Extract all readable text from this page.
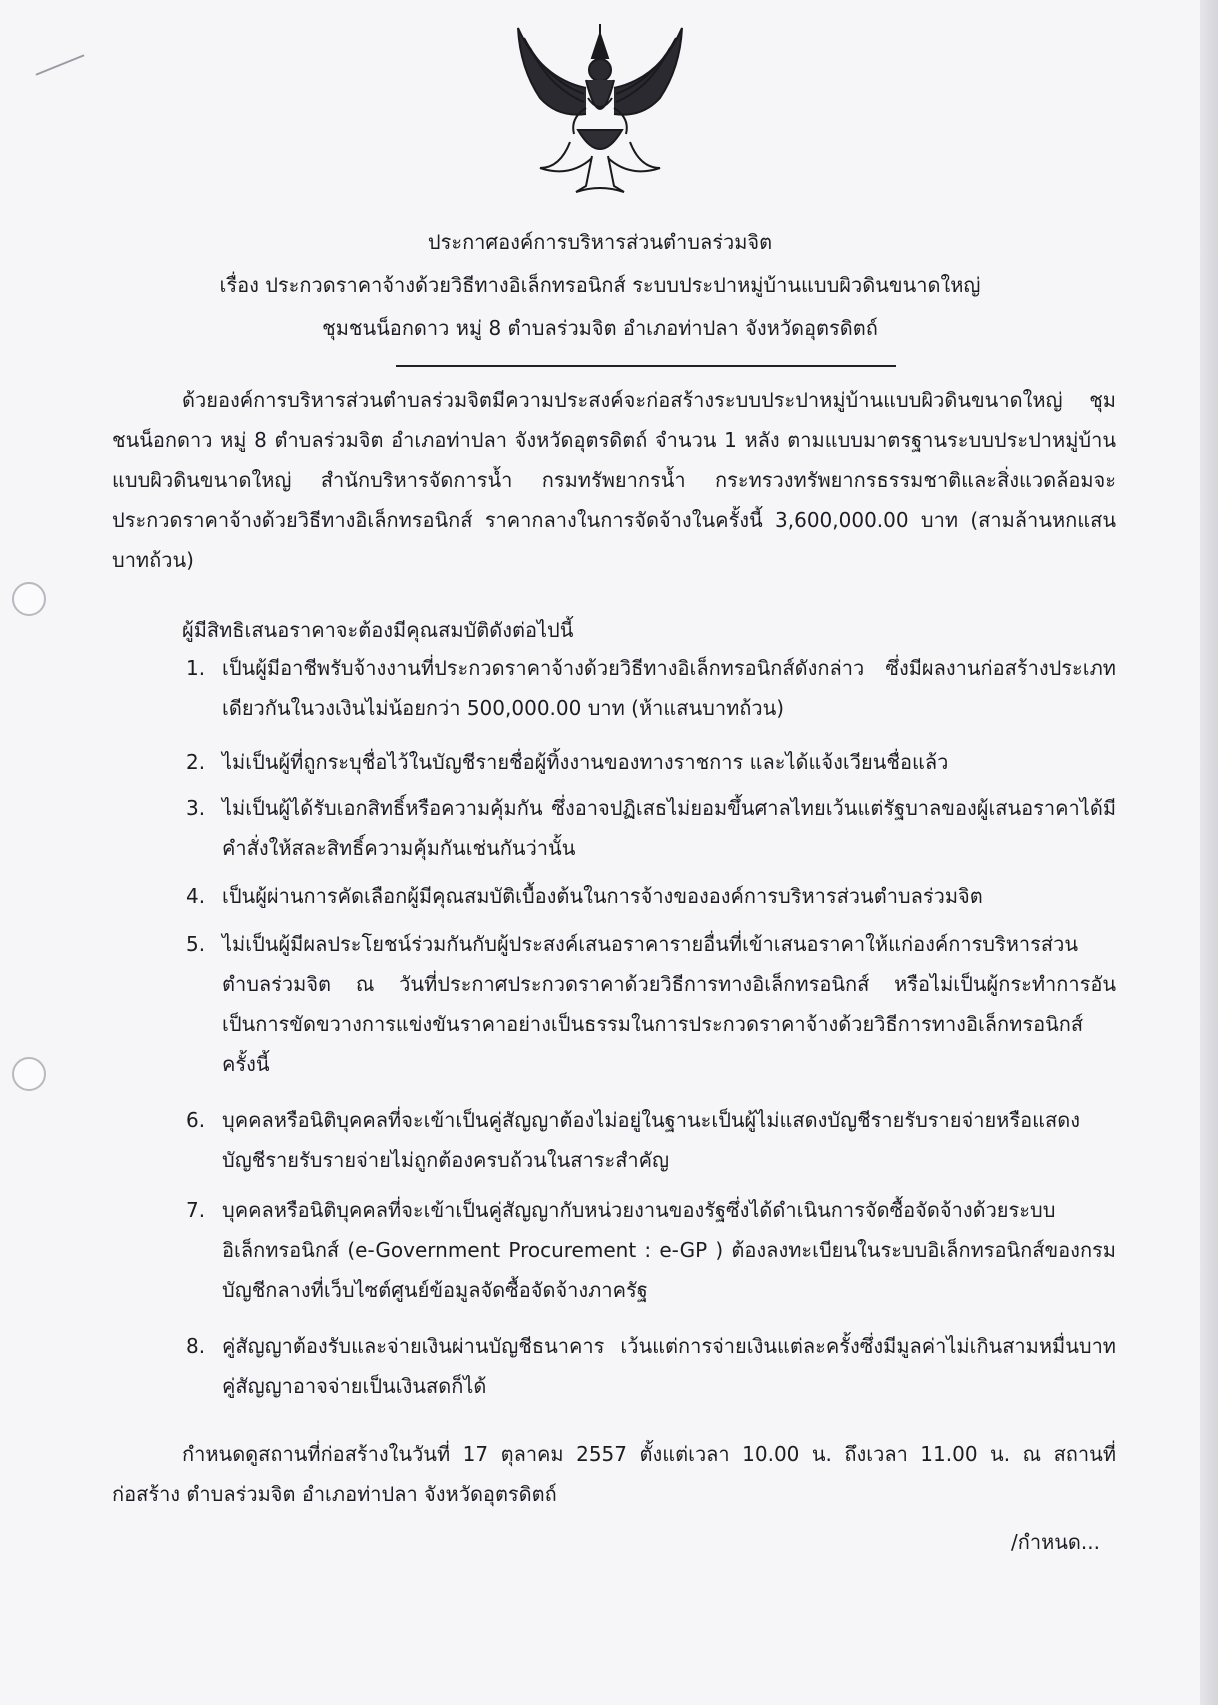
ประกาศองค์การบริหารส่วนตำบลร่วมจิต
เรื่อง ประกวดราคาจ้างด้วยวิธีทางอิเล็กทรอนิกส์ ระบบประปาหมู่บ้านแบบผิวดินขนาดใหญ่
ชุมชนน็อกดาว หมู่ 8 ตำบลร่วมจิต อำเภอท่าปลา จังหวัดอุตรดิตถ์
ด้วยองค์การบริหารส่วนตำบลร่วมจิตมีความประสงค์จะก่อสร้างระบบประปาหมู่บ้านแบบผิวดินขนาดใหญ่ ชุมชนน็อกดาว หมู่ 8 ตำบลร่วมจิต อำเภอท่าปลา จังหวัดอุตรดิตถ์ จำนวน 1 หลัง ตามแบบมาตรฐานระบบประปาหมู่บ้านแบบผิวดินขนาดใหญ่ สำนักบริหารจัดการน้ำ กรมทรัพยากรน้ำ กระทรวงทรัพยากรธรรมชาติและสิ่งแวดล้อมจะประกวดราคาจ้างด้วยวิธีทางอิเล็กทรอนิกส์ ราคากลางในการจัดจ้างในครั้งนี้ 3,600,000.00 บาท (สามล้านหกแสนบาทถ้วน)
ผู้มีสิทธิเสนอราคาจะต้องมีคุณสมบัติดังต่อไปนี้
1. เป็นผู้มีอาชีพรับจ้างงานที่ประกวดราคาจ้างด้วยวิธีทางอิเล็กทรอนิกส์ดังกล่าว ซึ่งมีผลงานก่อสร้างประเภทเดียวกันในวงเงินไม่น้อยกว่า 500,000.00 บาท (ห้าแสนบาทถ้วน)
2. ไม่เป็นผู้ที่ถูกระบุชื่อไว้ในบัญชีรายชื่อผู้ทิ้งงานของทางราชการ และได้แจ้งเวียนชื่อแล้ว
3. ไม่เป็นผู้ได้รับเอกสิทธิ์หรือความคุ้มกัน ซึ่งอาจปฏิเสธไม่ยอมขึ้นศาลไทยเว้นแต่รัฐบาลของผู้เสนอราคาได้มีคำสั่งให้สละสิทธิ์ความคุ้มกันเช่นกันว่านั้น
4. เป็นผู้ผ่านการคัดเลือกผู้มีคุณสมบัติเบื้องต้นในการจ้างขององค์การบริหารส่วนตำบลร่วมจิต
5. ไม่เป็นผู้มีผลประโยชน์ร่วมกันกับผู้ประสงค์เสนอราคารายอื่นที่เข้าเสนอราคาให้แก่องค์การบริหารส่วนตำบลร่วมจิต ณ วันที่ประกาศประกวดราคาด้วยวิธีการทางอิเล็กทรอนิกส์ หรือไม่เป็นผู้กระทำการอันเป็นการขัดขวางการแข่งขันราคาอย่างเป็นธรรมในการประกวดราคาจ้างด้วยวิธีการทางอิเล็กทรอนิกส์ครั้งนี้
6. บุคคลหรือนิติบุคคลที่จะเข้าเป็นคู่สัญญาต้องไม่อยู่ในฐานะเป็นผู้ไม่แสดงบัญชีรายรับรายจ่ายหรือแสดงบัญชีรายรับรายจ่ายไม่ถูกต้องครบถ้วนในสาระสำคัญ
7. บุคคลหรือนิติบุคคลที่จะเข้าเป็นคู่สัญญากับหน่วยงานของรัฐซึ่งได้ดำเนินการจัดซื้อจัดจ้างด้วยระบบอิเล็กทรอนิกส์ (e-Government Procurement : e-GP ) ต้องลงทะเบียนในระบบอิเล็กทรอนิกส์ของกรมบัญชีกลางที่เว็บไซต์ศูนย์ข้อมูลจัดซื้อจัดจ้างภาครัฐ
8. คู่สัญญาต้องรับและจ่ายเงินผ่านบัญชีธนาคาร เว้นแต่การจ่ายเงินแต่ละครั้งซึ่งมีมูลค่าไม่เกินสามหมื่นบาทคู่สัญญาอาจจ่ายเป็นเงินสดก็ได้
กำหนดดูสถานที่ก่อสร้างในวันที่ 17 ตุลาคม 2557 ตั้งแต่เวลา 10.00 น. ถึงเวลา 11.00 น. ณ สถานที่ก่อสร้าง ตำบลร่วมจิต อำเภอท่าปลา จังหวัดอุตรดิตถ์
/กำหนด...
